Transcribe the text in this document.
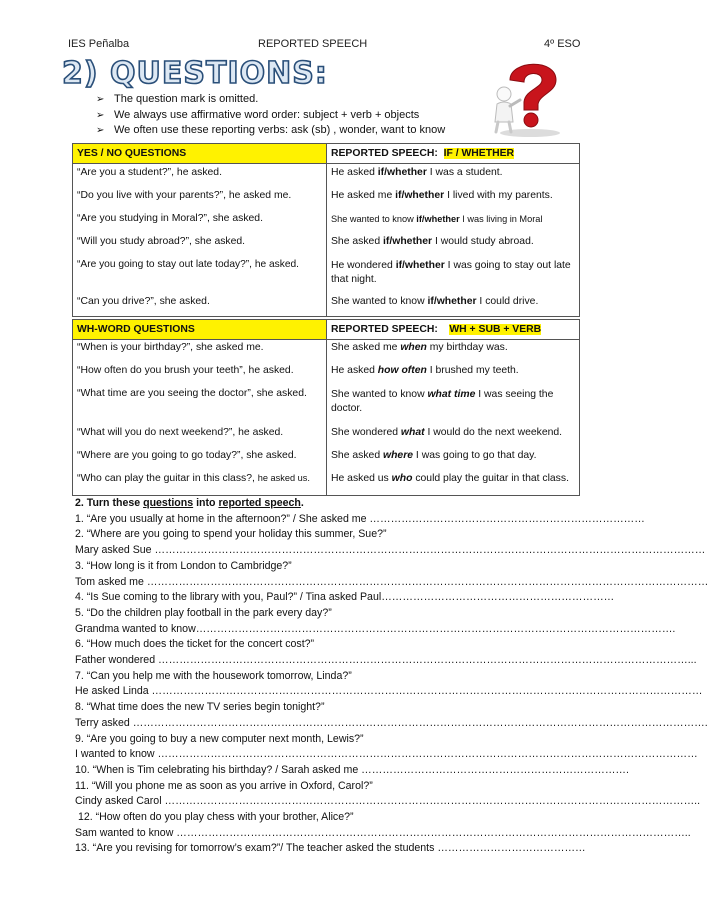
IES Peñalba	REPORTED SPEECH	4º ESO
2) QUESTIONS:
➢ The question mark is omitted.
➢ We always use affirmative word order: subject + verb + objects
➢ We often use these reporting verbs: ask (sb) , wonder, want to know
YES / NO QUESTIONS	REPORTED SPEECH:  IF / WHETHER
“Are you a student?”, he asked.	He asked if/whether I was a student.
“Do you live with your parents?”, he asked me.	He asked me if/whether I lived with my parents.
“Are you studying in Moral?”, she asked.	She wanted to know if/whether I was living in Moral
“Will you study abroad?”, she asked.	She asked if/whether I would study abroad.
“Are you going to stay out late today?”, he asked.	He wondered if/whether I was going to stay out late that night.
“Can you drive?”, she asked.	She wanted to know if/whether I could drive.
WH-WORD QUESTIONS	REPORTED SPEECH:    WH + SUB + VERB
“When is your birthday?”, she asked me.	She asked me when my birthday was.
“How often do you brush your teeth”, he asked.	He asked how often I brushed my teeth.
“What time are you seeing the doctor”, she asked.	She wanted to know what time I was seeing the doctor.
“What will you do next weekend?”, he asked.	She wondered what I would do the next weekend.
“Where are you going to go today?”, she asked.	She asked where I was going to go that day.
“Who can play the guitar in this class?, he asked us.	He asked us who could play the guitar in that class.
2. Turn these questions into reported speech.
1. “Are you usually at home in the afternoon?” / She asked me ……………………………………………………………………
2. “Where are you going to spend your holiday this summer, Sue?”
Mary asked Sue …………………………………………………………………………………………………………………………………………
3. “How long is it from London to Cambridge?”
Tom asked me ……………………………………………………………………………………………………………………………………………
4. “Is Sue coming to the library with you, Paul?” / Tina asked Paul…………………………………………………………
5. “Do the children play football in the park every day?”
Grandma wanted to know……………………………………………………………………………………………………………………….
6. “How much does the ticket for the concert cost?”
Father wondered ……………………………………………………………………………………………………………………………………...
7. “Can you help me with the housework tomorrow, Linda?”
He asked Linda …………………………………………………………………………………………………………………………………………
8. “What time does the new TV series begin tonight?”
Terry asked ……………………………………………………………………………………………………………………………………………….
9. “Are you going to buy a new computer next month, Lewis?”
I wanted to know ………………………………………………………………………………………………………………………………………
10. “When is Tim celebrating his birthday? / Sarah asked me ………………………………………………………………….
11. “Will you phone me as soon as you arrive in Oxford, Carol?”
Cindy asked Carol ……………………………………………………………………………………………………………………………………..
12. “How often do you play chess with your brother, Alice?”
Sam wanted to know ………………………………………………………………………………………………………………………………..
13. “Are you revising for tomorrow’s exam?”/ The teacher asked the students ……………………………………
